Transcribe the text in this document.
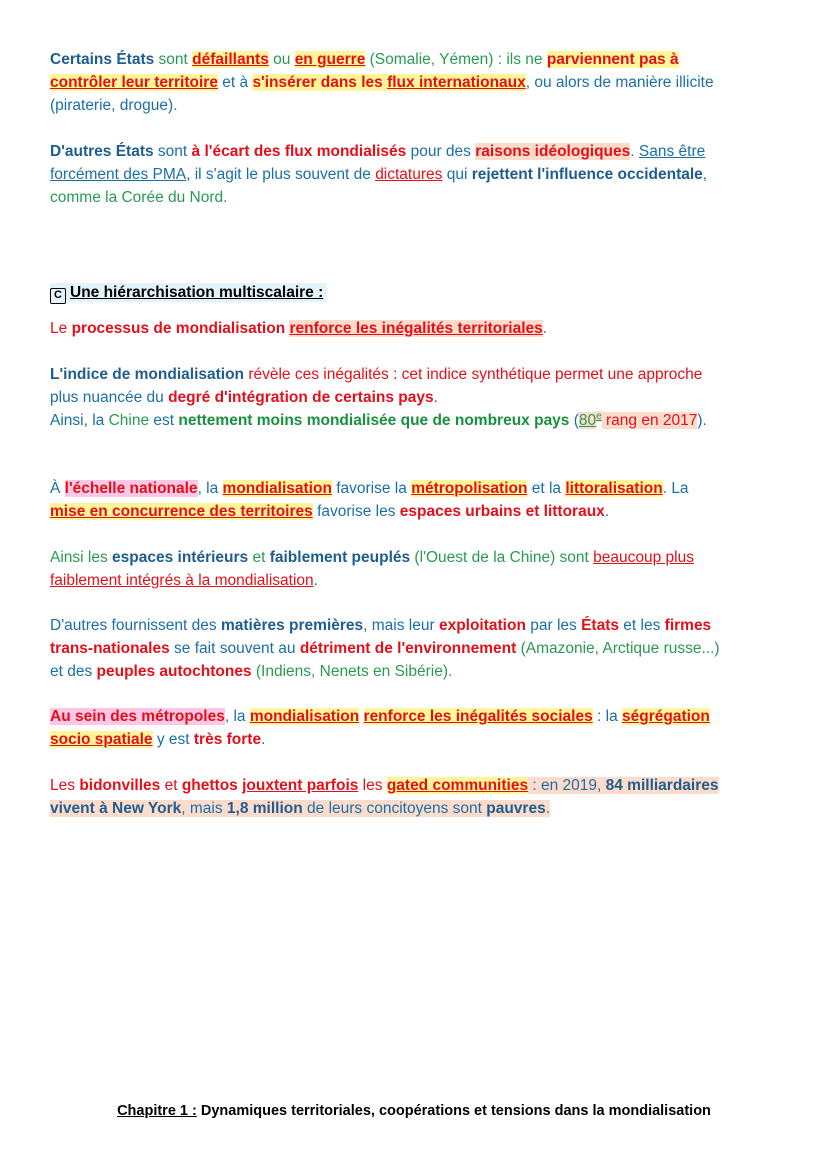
Certains États sont défaillants ou en guerre (Somalie, Yémen) : ils ne parviennent pas à

contrôler leur territoire et à s'insérer dans les flux internationaux, ou alors de manière illicite

(piraterie, drogue).

D'autres États sont à l'écart des flux mondialisés pour des raisons idéologiques. Sans être

forcément des PMA, il s'agit le plus souvent de dictatures qui rejettent l'influence occidentale,

comme la Corée du Nord.

C Une hiérarchisation multiscalaire :

Le processus de mondialisation renforce les inégalités territoriales.

L'indice de mondialisation révèle ces inégalités : cet indice synthétique permet une approche

plus nuancée du degré d'intégration de certains pays.

Ainsi, la Chine est nettement moins mondialisée que de nombreux pays (80e rang en 2017).

À l'échelle nationale, la mondialisation favorise la métropolisation et la littoralisation. La

mise en concurrence des territoires favorise les espaces urbains et littoraux.

Ainsi les espaces intérieurs et faiblement peuplés (l'Ouest de la Chine) sont beaucoup plus

faiblement intégrés à la mondialisation.

D'autres fournissent des matières premières, mais leur exploitation par les États et les firmes

trans-nationales se fait souvent au détriment de l'environnement (Amazonie, Arctique russe...)

et des peuples autochtones (Indiens, Nenets en Sibérie).

Au sein des métropoles, la mondialisation renforce les inégalités sociales : la ségrégation

socio spatiale y est très forte.

Les bidonvilles et ghettos jouxtent parfois les gated communities : en 2019, 84 milliardaires

vivent à New York, mais 1,8 million de leurs concitoyens sont pauvres.

Chapitre 1 : Dynamiques territoriales, coopérations et tensions dans la mondialisation
